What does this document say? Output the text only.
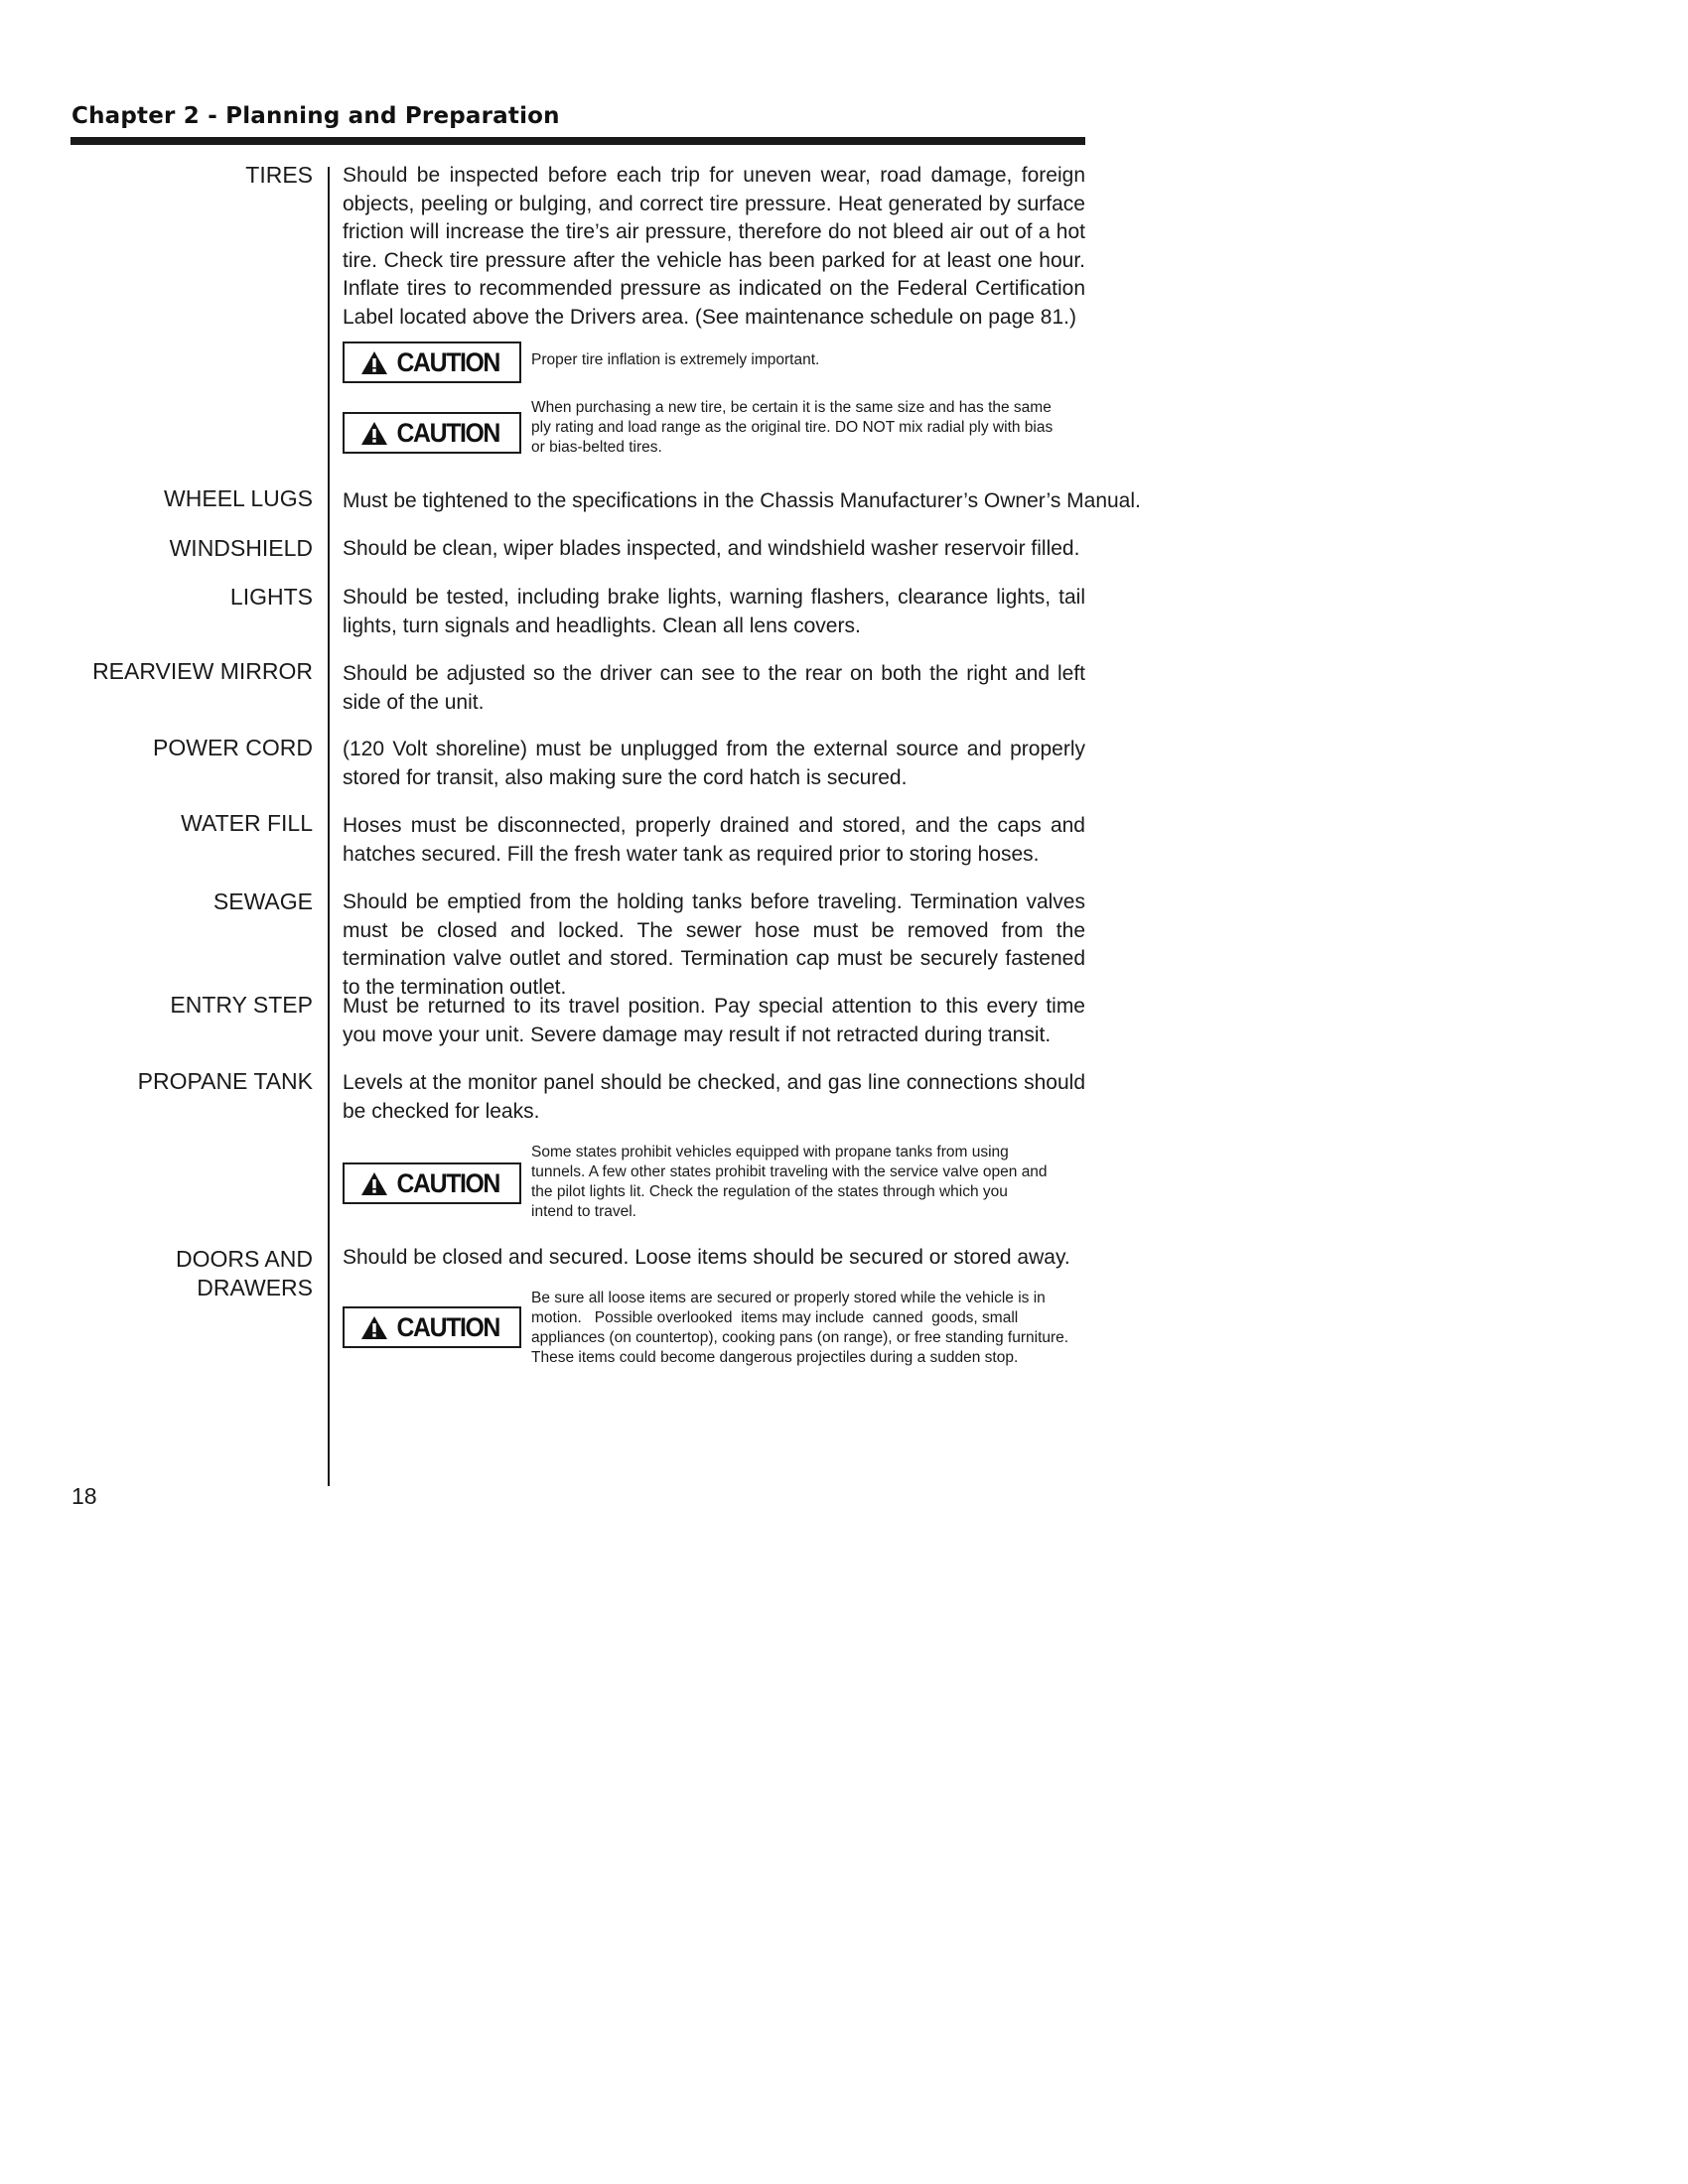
Chapter 2 - Planning and Preparation
TIRES Should be inspected before each trip for uneven wear, road damage, foreign objects, peeling or bulging, and correct tire pressure. Heat generated by surface friction will increase the tire’s air pressure, therefore do not bleed air out of a hot tire. Check tire pressure after the vehicle has been parked for at least one hour. Inflate tires to recommended pressure as indicated on the Federal Certification Label located above the Drivers area. (See maintenance schedule on page 81.)
CAUTION Proper tire inflation is extremely important.
CAUTION
When purchasing a new tire, be certain it is the same size and has the same ply rating and load range as the original tire. DO NOT mix radial ply with bias or bias-belted tires.
WHEEL LUGS Must be tightened to the specifications in the Chassis Manufacturer’s Owner’s Manual.
WINDSHIELD Should be clean, wiper blades inspected, and windshield washer reservoir filled.
LIGHTS Should be tested, including brake lights, warning flashers, clearance lights, tail lights, turn signals and headlights. Clean all lens covers.
REARVIEW MIRROR Should be adjusted so the driver can see to the rear on both the right and left side of the unit.
POWER CORD (120 Volt shoreline) must be unplugged from the external source and properly stored for transit, also making sure the cord hatch is secured.
WATER FILL Hoses must be disconnected, properly drained and stored, and the caps and hatches secured. Fill the fresh water tank as required prior to storing hoses.
SEWAGE Should be emptied from the holding tanks before traveling. Termination valves must be closed and locked. The sewer hose must be removed from the termination valve outlet and stored. Termination cap must be securely fastened to the termination outlet.
ENTRY STEP Must be returned to its travel position. Pay special attention to this every time you move your unit. Severe damage may result if not retracted during transit.
PROPANE TANK Levels at the monitor panel should be checked, and gas line connections should be checked for leaks.
CAUTION
Some states prohibit vehicles equipped with propane tanks from using tunnels. A few other states prohibit traveling with the service valve open and the pilot lights lit. Check the regulation of the states through which you intend to travel.
DOORS AND DRAWERS
Should be closed and secured. Loose items should be secured or stored away.
CAUTION
Be sure all loose items are secured or properly stored while the vehicle is in  motion.   Possible overlooked  items may include  canned  goods, small appliances (on countertop), cooking pans (on range), or free standing furniture. These items could become dangerous projectiles during a sudden stop.
18
